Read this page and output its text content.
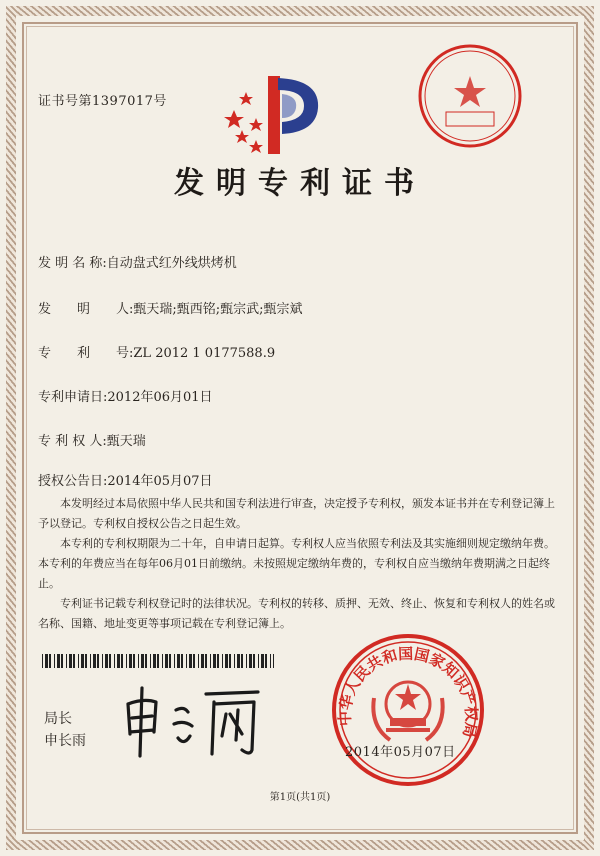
证书号第1397017号
发明专利证书
发 明 名 称:自动盘式红外线烘烤机
发　　明　　人:甄天瑞;甄西铭;甄宗武;甄宗斌
专　　利　　号:ZL 2012 1 0177588.9
专利申请日:2012年06月01日
专 利 权 人:甄天瑞
授权公告日:2014年05月07日

本发明经过本局依照中华人民共和国专利法进行审查，决定授予专利权，颁发本证书并在专利登记簿上予以登记。专利权自授权公告之日起生效。

本专利的专利权期限为二十年，自申请日起算。专利权人应当依照专利法及其实施细则规定缴纳年费。本专利的年费应当在每年06月01日前缴纳。未按照规定缴纳年费的，专利权自应当缴纳年费期满之日起终止。

专利证书记载专利权登记时的法律状况。专利权的转移、质押、无效、终止、恢复和专利权人的姓名或名称、国籍、地址变更等事项记载在专利登记簿上。

局长
申长雨
中华人民共和国国家知识产权局
2014年05月07日
第1页(共1页)
